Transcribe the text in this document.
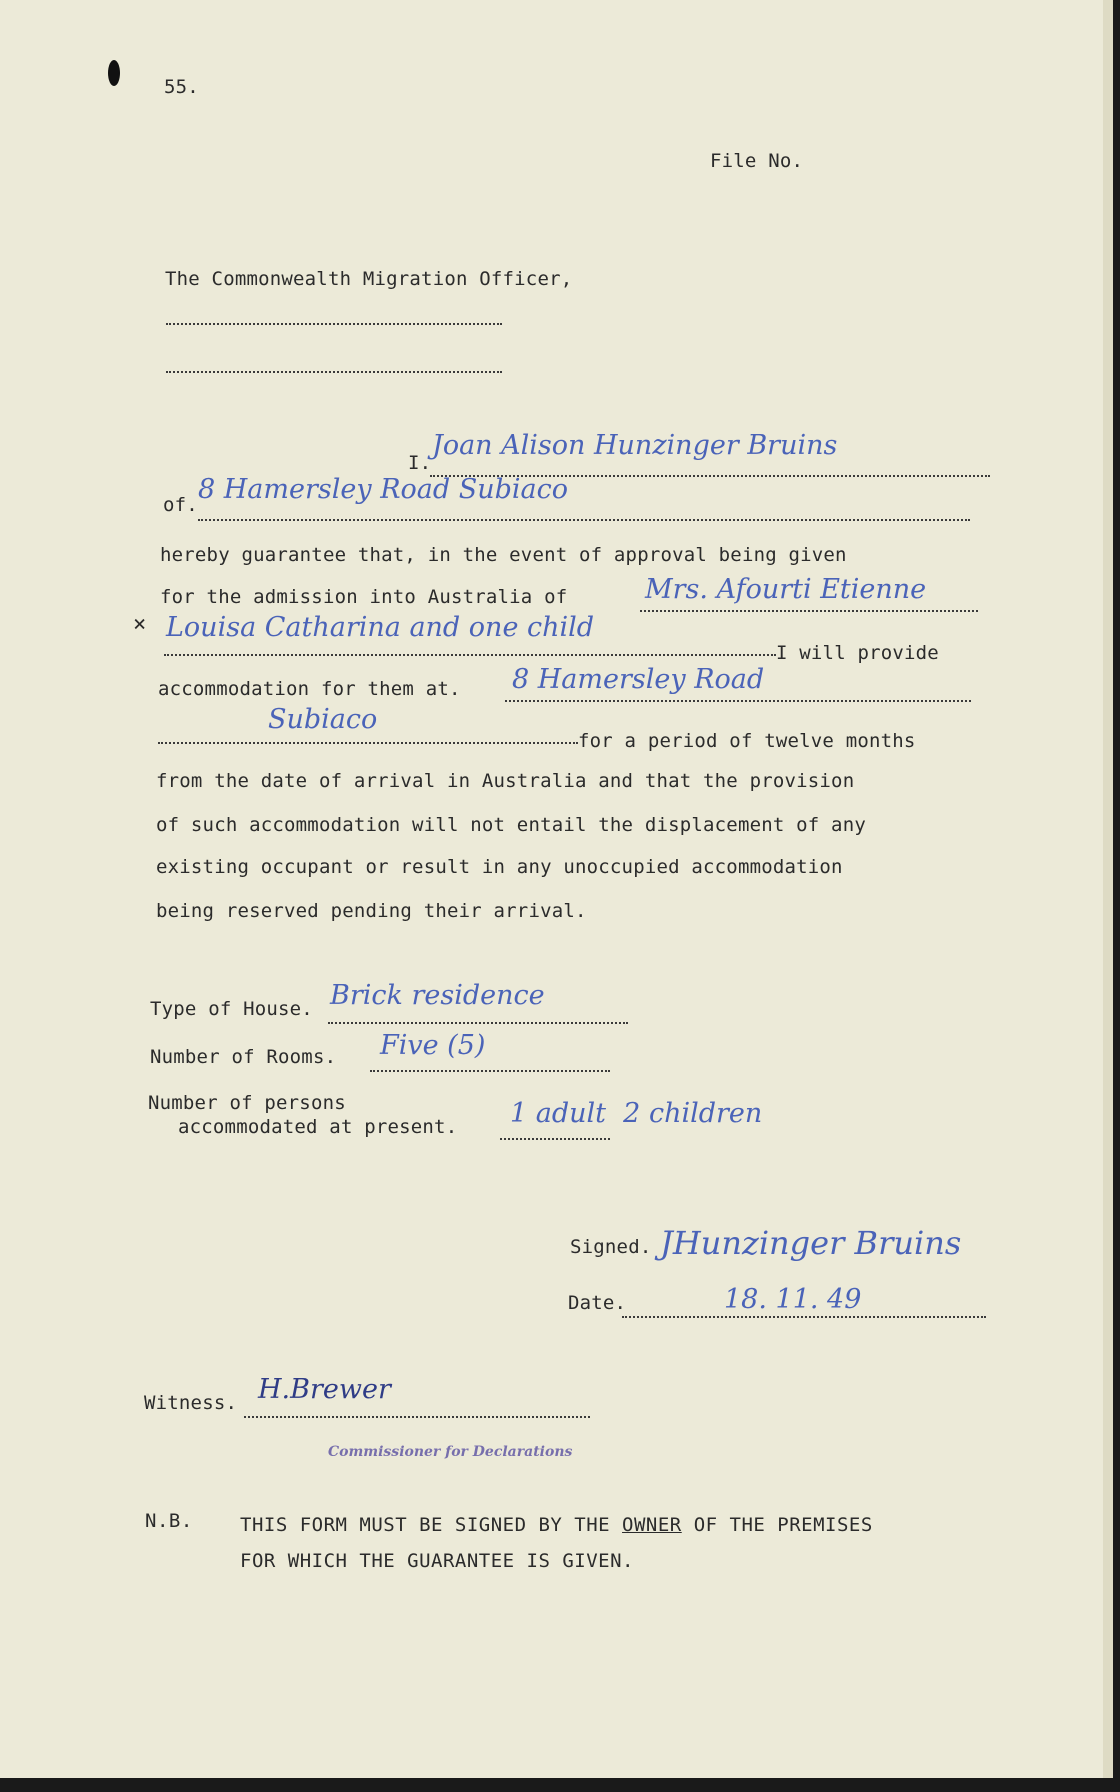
55.
File No.
The Commonwealth Migration Officer,
I.
Joan Alison Hunzinger Bruins
of. 8 Hamersley Road Subiaco
hereby guarantee that, in the event of approval being given
for the admission into Australia of	Mrs. Afourti Etienne
× Louisa Catharina and one child
I will provide
accommodation for them at. 8 Hamersley Road
Subiaco
for a period of twelve months
from the date of arrival in Australia and that the provision
of such accommodation will not entail the displacement of any
existing occupant or result in any unoccupied accommodation
being reserved pending their arrival.
Type of House. Brick residence
Number of Rooms. Five (5)
Number of persons
accommodated at present. 1 adult  2 children
Signed. JHunzinger Bruins
Date.	18. 11. 49
Witness. H.Brewer
Commissioner for Declarations
N.B. THIS FORM MUST BE SIGNED BY THE OWNER OF THE PREMISES
FOR WHICH THE GUARANTEE IS GIVEN.
